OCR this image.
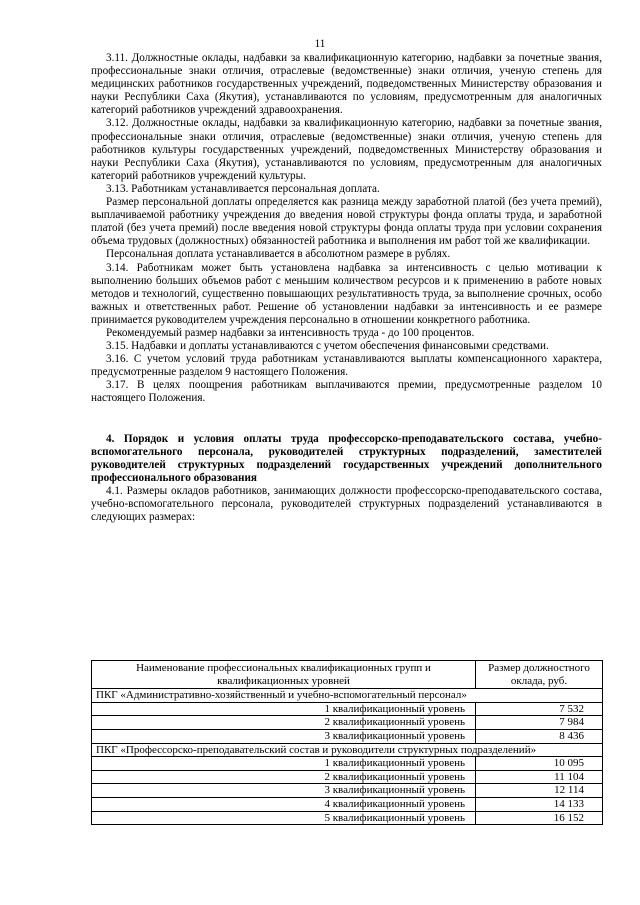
11

3.11. Должностные оклады, надбавки за квалификационную категорию, надбавки за почетные звания, профессиональные знаки отличия, отраслевые (ведомственные) знаки отличия, ученую степень для медицинских работников государственных учреждений, подведомственных Министерству образования и науки Республики Саха (Якутия), устанавливаются по условиям, предусмотренным для аналогичных категорий работников учреждений здравоохранения.

3.12. Должностные оклады, надбавки за квалификационную категорию, надбавки за почетные звания, профессиональные знаки отличия, отраслевые (ведомственные) знаки отличия, ученую степень для работников культуры государственных учреждений, подведомственных Министерству образования и науки Республики Саха (Якутия), устанавливаются по условиям, предусмотренным для аналогичных категорий работников учреждений культуры.

3.13. Работникам устанавливается персональная доплата.

Размер персональной доплаты определяется как разница между заработной платой (без учета премий), выплачиваемой работнику учреждения до введения новой структуры фонда оплаты труда, и заработной платой (без учета премий) после введения новой структуры фонда оплаты труда при условии сохранения объема трудовых (должностных) обязанностей работника и выполнения им работ той же квалификации.

Персональная доплата устанавливается в абсолютном размере в рублях.

3.14. Работникам может быть установлена надбавка за интенсивность с целью мотивации к выполнению больших объемов работ с меньшим количеством ресурсов и к применению в работе новых методов и технологий, существенно повышающих результативность труда, за выполнение срочных, особо важных и ответственных работ. Решение об установлении надбавки за интенсивность и ее размере принимается руководителем учреждения персонально в отношении конкретного работника.

Рекомендуемый размер надбавки за интенсивность труда - до 100 процентов.

3.15. Надбавки и доплаты устанавливаются с учетом обеспечения финансовыми средствами.

3.16. С учетом условий труда работникам устанавливаются выплаты компенсационного характера, предусмотренные разделом 9 настоящего Положения.

3.17. В целях поощрения работникам выплачиваются премии, предусмотренные разделом 10 настоящего Положения.

4. Порядок и условия оплаты труда профессорско-преподавательского состава, учебно-вспомогательного персонала, руководителей структурных подразделений, заместителей руководителей структурных подразделений государственных учреждений дополнительного профессионального образования

4.1. Размеры окладов работников, занимающих должности профессорско-преподавательского состава, учебно-вспомогательного персонала, руководителей структурных подразделений устанавливаются в следующих размерах:

Наименование профессиональных квалификационных групп и квалификационных уровней	Размер должностного оклада, руб.
ПКГ «Административно-хозяйственный и учебно-вспомогательный персонал»	
1 квалификационный уровень	7 532
2 квалификационный уровень	7 984
3 квалификационный уровень	8 436
ПКГ «Профессорско-преподавательский состав и руководители структурных подразделений»	
1 квалификационный уровень	10 095
2 квалификационный уровень	11 104
3 квалификационный уровень	12 114
4 квалификационный уровень	14 133
5 квалификационный уровень	16 152
